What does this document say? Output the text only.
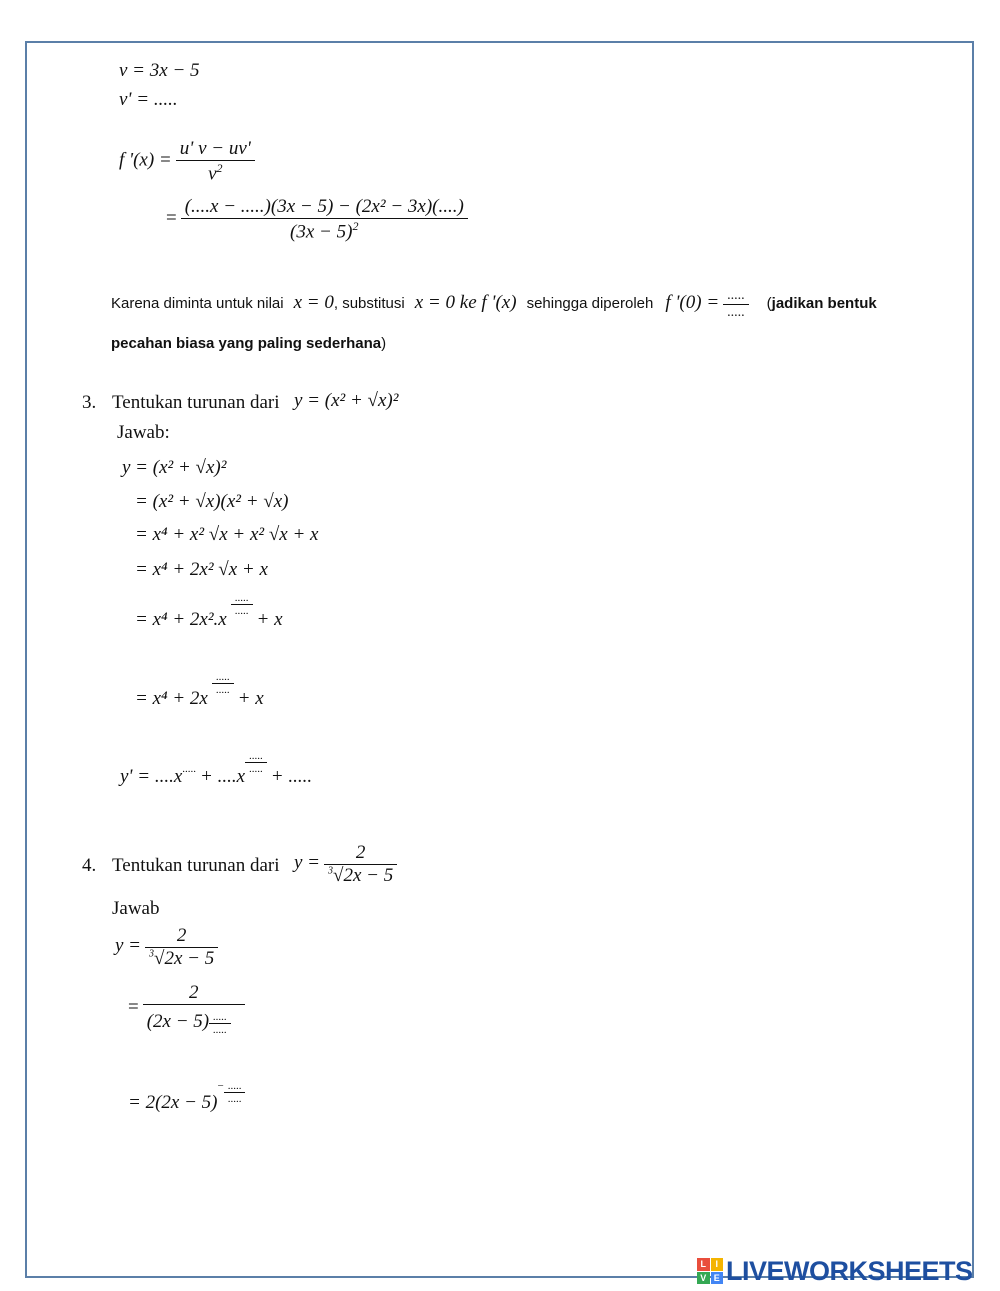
v = 3x − 5
v' = .....
f '$(x) = \frac{u' v - uv'}{v^2}$
= $\frac{\text{(....x − .....)(3x − 5) − (2x² − 3x)(....)}}{(3x - 5)^2}$
Karena diminta untuk nilai x = 0, substitusi x = 0 ke f '(x) sehingga diperoleh f '$(0) = \frac{.....}{.....}$ (jadikan bentuk
pecahan biasa yang paling sederhana)
3. Tentukan turunan dari y = (x² + √x)²
Jawab:
y = (x² + √x)²
= (x² + √x)(x² + √x)
= x⁴ + x² √x + x² √x + x
= x⁴ + 2x² √x + x
= x⁴ + 2x².x
$\frac{.....}{.....}$
+ x
= x⁴ + 2x
$\frac{.....}{.....}$
+ x
$y' = ....x_{.....} + ....x$
$\frac{.....}{.....}$
+ .....
4. Tentukan turunan dari $y = \frac{2}{^3√2x - 5}$
Jawab
$y = \frac{2}{^3√2x - 5}$
= $\frac{2}{(2x - 5) \frac{.....}{.....}}$
= $2(2x - 5)^- \frac{.....}{.....}$
L	I
V E LIVEWORKSHEETS
